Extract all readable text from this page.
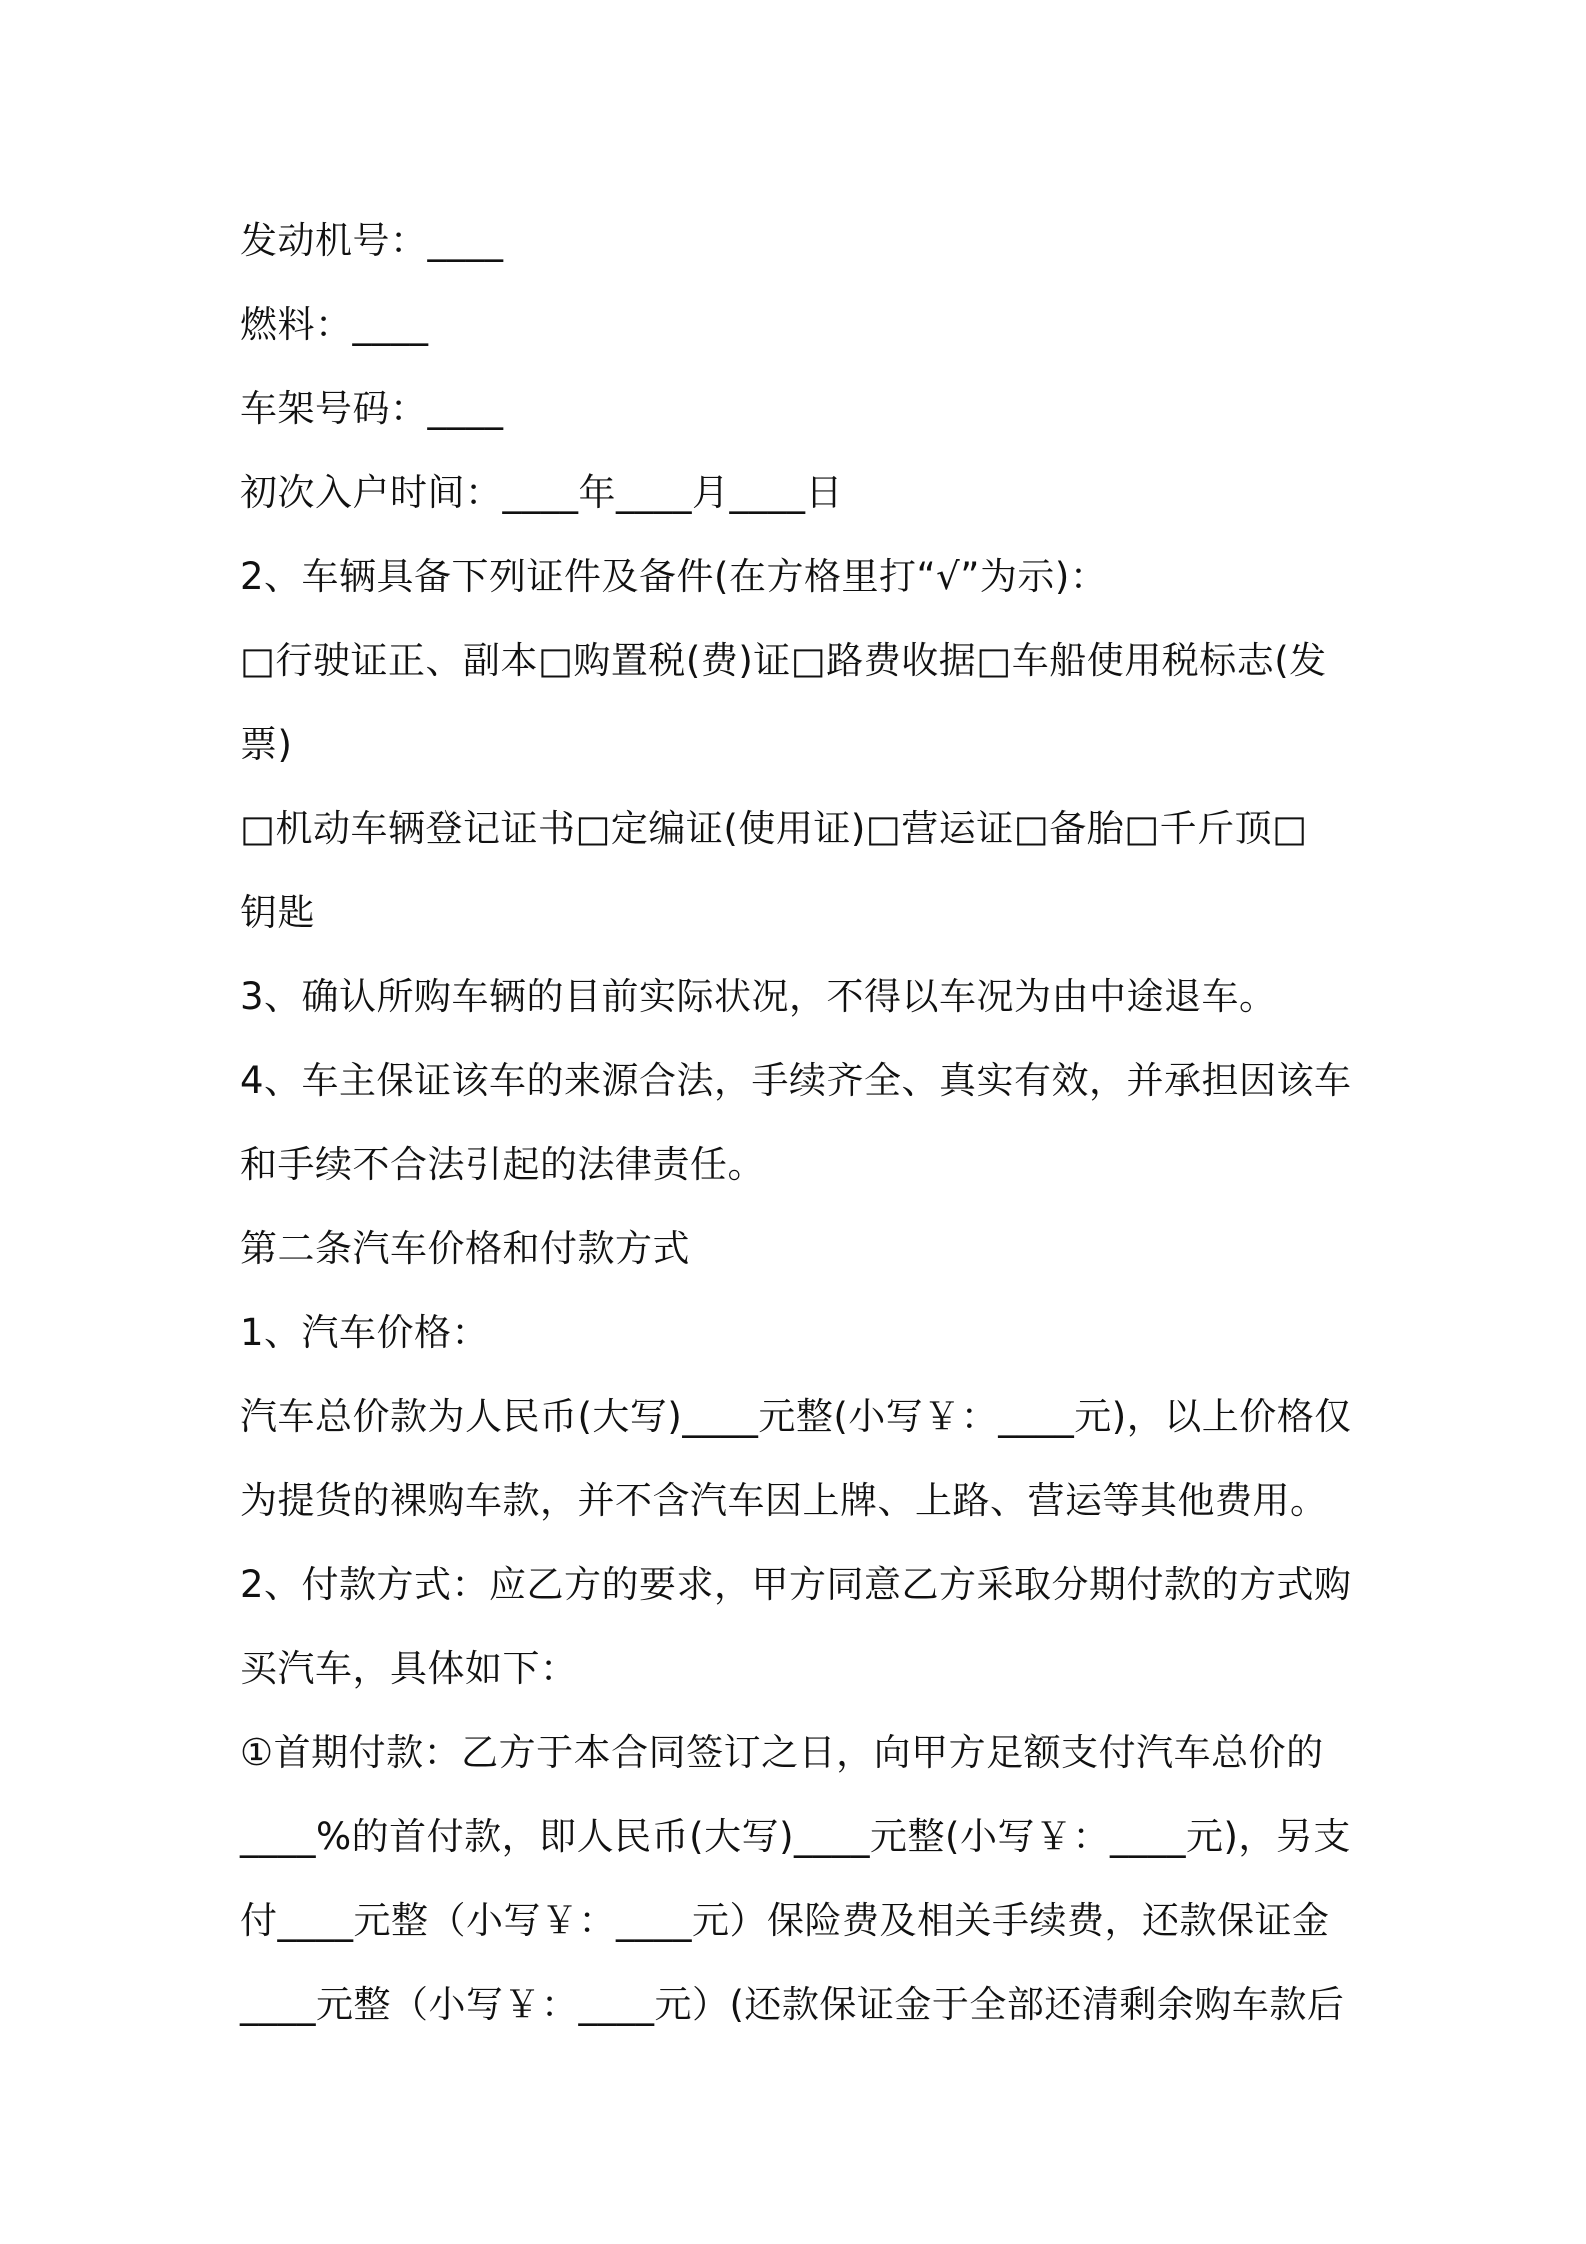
发动机号：____
燃料：____
车架号码：____
初次入户时间：____年____月____日
2、车辆具备下列证件及备件(在方格里打“√”为示)：
□行驶证正、副本□购置税(费)证□路费收据□车船使用税标志(发
票)
□机动车辆登记证书□定编证(使用证)□营运证□备胎□千斤顶□
钥匙
3、确认所购车辆的目前实际状况，不得以车况为由中途退车。
4、车主保证该车的来源合法，手续齐全、真实有效，并承担因该车
和手续不合法引起的法律责任。
第二条汽车价格和付款方式
1、汽车价格：
汽车总价款为人民币(大写)____元整(小写￥：____元)，以上价格仅
为提货的裸购车款，并不含汽车因上牌、上路、营运等其他费用。
2、付款方式：应乙方的要求，甲方同意乙方采取分期付款的方式购
买汽车，具体如下：
①首期付款：乙方于本合同签订之日，向甲方足额支付汽车总价的
____%的首付款，即人民币(大写)____元整(小写￥：____元)，另支
付____元整（小写￥：____元）保险费及相关手续费，还款保证金
____元整（小写￥：____元）(还款保证金于全部还清剩余购车款后
